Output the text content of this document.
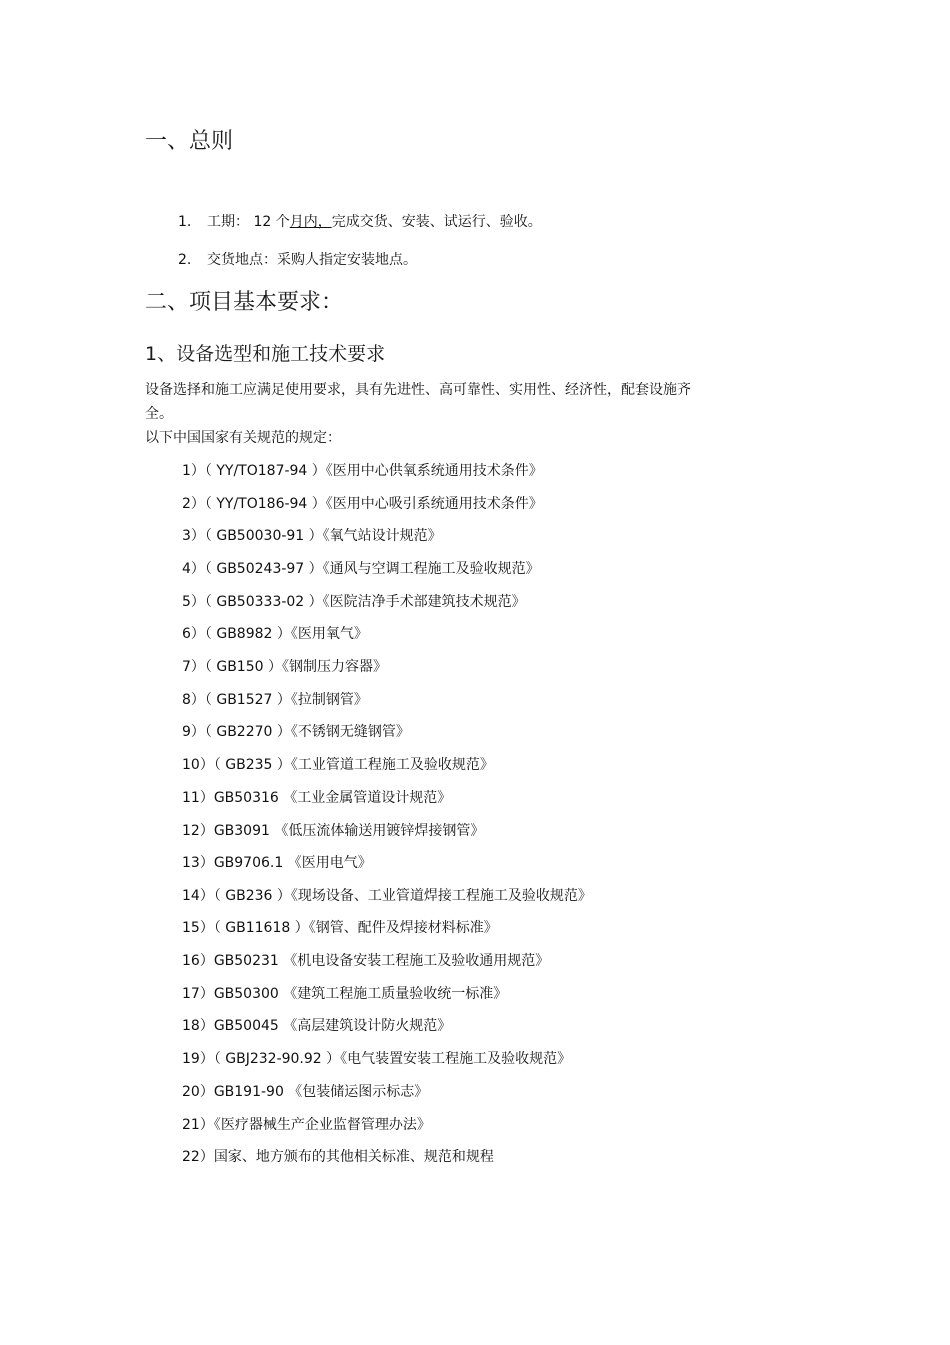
一、总则
1. 工期： 12 个月内，完成交货、安装、试运行、验收。
2. 交货地点：采购人指定安装地点。
二、项目基本要求：
1、设备选型和施工技术要求
设备选择和施工应满足使用要求，具有先进性、高可靠性、实用性、经济性，配套设施齐
全。
以下中国国家有关规范的规定：
1）（ YY/TO187-94 ）《医用中心供氧系统通用技术条件》
2）（ YY/TO186-94 ）《医用中心吸引系统通用技术条件》
3）（ GB50030-91 ）《氧气站设计规范》
4）（ GB50243-97 ）《通风与空调工程施工及验收规范》
5）（ GB50333-02 ）《医院洁净手术部建筑技术规范》
6）（ GB8982 ）《医用氧气》
7）（ GB150 ）《钢制压力容器》
8）（ GB1527 ）《拉制钢管》
9）（ GB2270 ）《不锈钢无缝钢管》
10）（ GB235 ）《工业管道工程施工及验收规范》
11）GB50316 《工业金属管道设计规范》
12）GB3091 《低压流体输送用镀锌焊接钢管》
13）GB9706.1 《医用电气》
14）（ GB236 ）《现场设备、工业管道焊接工程施工及验收规范》
15）（ GB11618 ）《钢管、配件及焊接材料标准》
16）GB50231 《机电设备安装工程施工及验收通用规范》
17）GB50300 《建筑工程施工质量验收统一标准》
18）GB50045 《高层建筑设计防火规范》
19）（ GBJ232-90.92 ）《电气装置安装工程施工及验收规范》
20）GB191-90 《包装储运图示标志》
21）《医疗器械生产企业监督管理办法》
22）国家、地方颁布的其他相关标准、规范和规程
